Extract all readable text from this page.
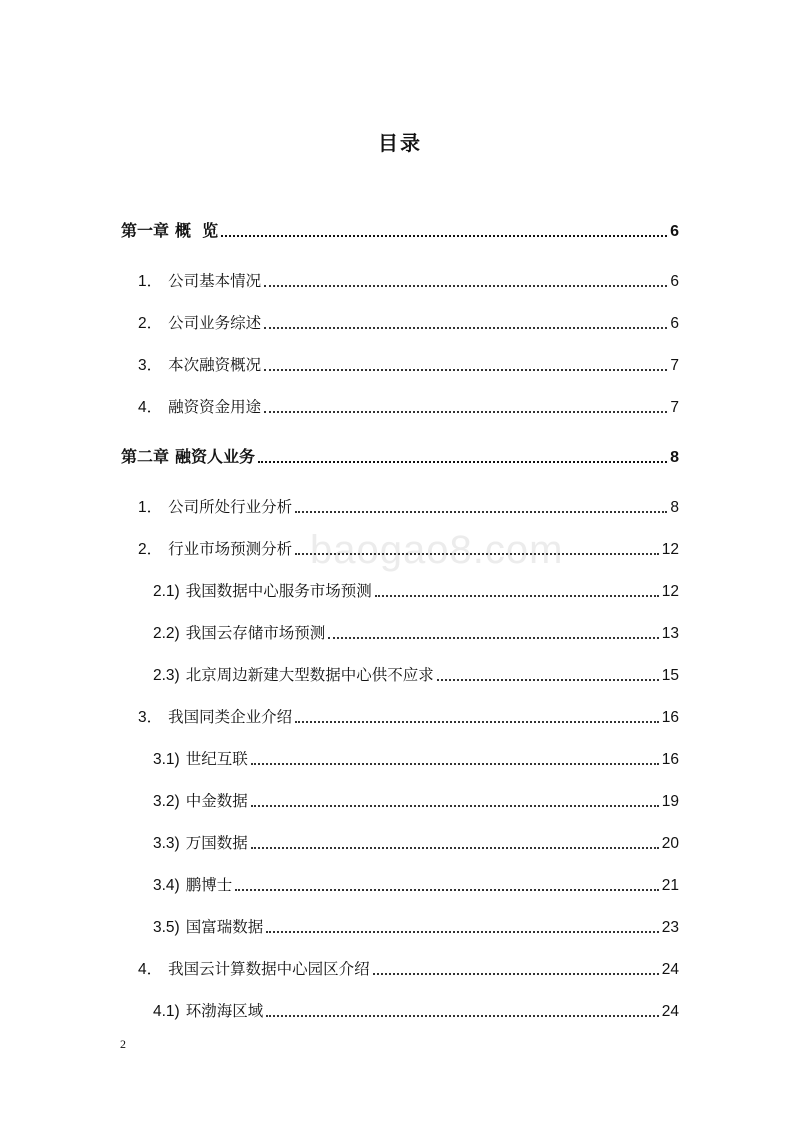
目录
baogao8.com
第一章 概  览	6
1． 公司基本情况	6
2． 公司业务综述	6
3． 本次融资概况	7
4． 融资资金用途	7
第二章 融资人业务	8
1． 公司所处行业分析	8
2． 行业市场预测分析	12
2.1) 我国数据中心服务市场预测	12
2.2) 我国云存储市场预测	13
2.3) 北京周边新建大型数据中心供不应求	15
3． 我国同类企业介绍	16
3.1) 世纪互联	16
3.2) 中金数据	19
3.3) 万国数据	20
3.4) 鹏博士	21
3.5) 国富瑞数据	23
4． 我国云计算数据中心园区介绍	24
4.1) 环渤海区域	24
2
